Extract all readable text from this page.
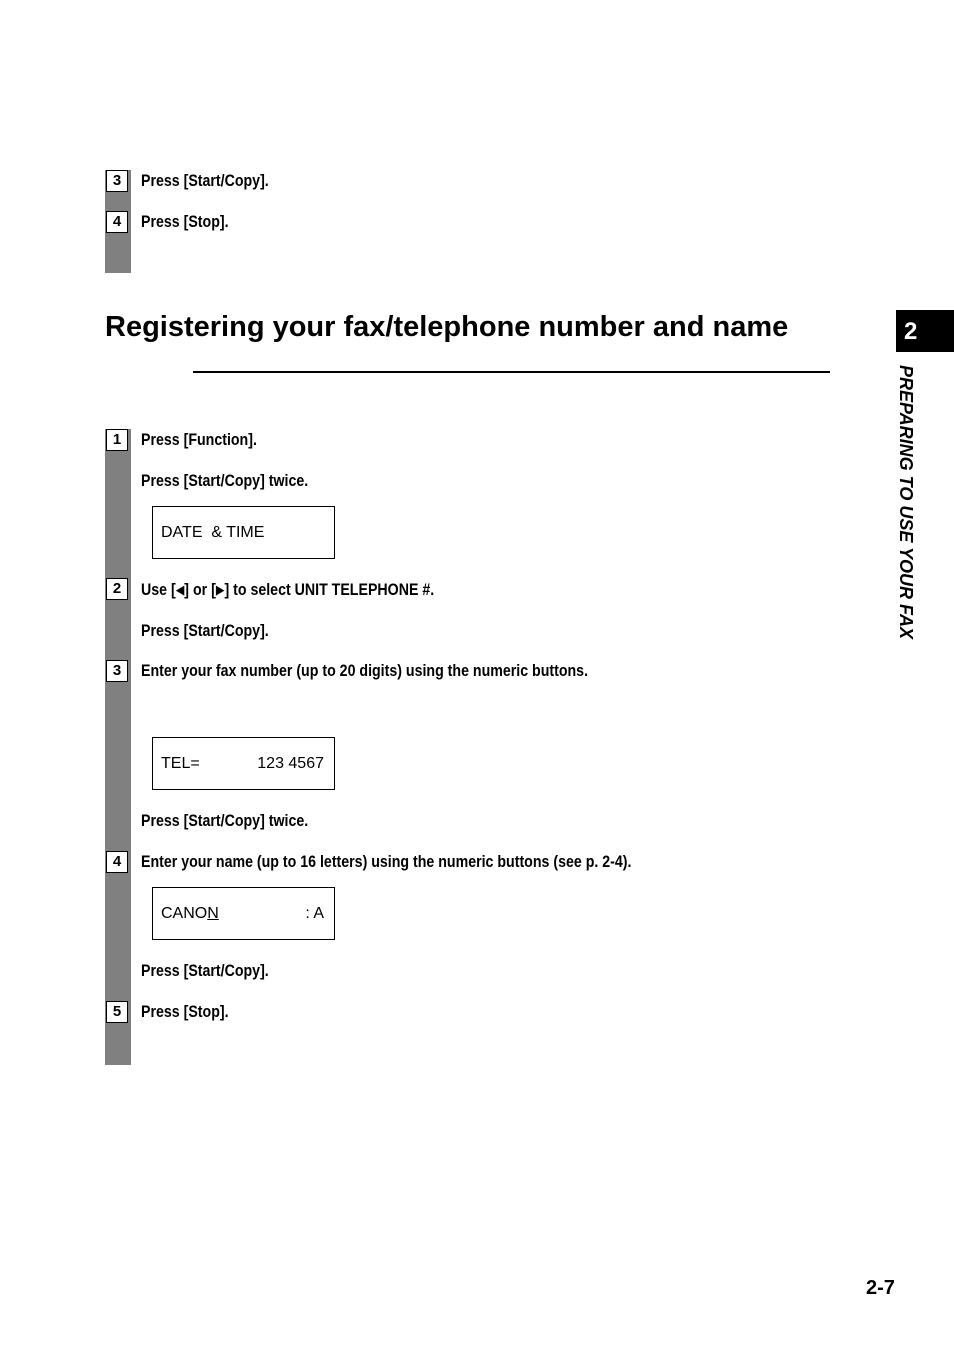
3	Press [Start/Copy].
4	Press [Stop].
Registering your fax/telephone number and name
1	Press [Function].
Press [Start/Copy] twice.
DATE  & TIME
2	Use [◀] or [▶] to select UNIT TELEPHONE #.
Press [Start/Copy].
3	Enter your fax number (up to 20 digits) using the numeric buttons.
TEL=	123 4567
Press [Start/Copy] twice.
4	Enter your name (up to 16 letters) using the numeric buttons (see p. 2-4).
CANON	: A
Press [Start/Copy].
5	Press [Stop].
2
PREPARING TO USE YOUR FAX
2-7
